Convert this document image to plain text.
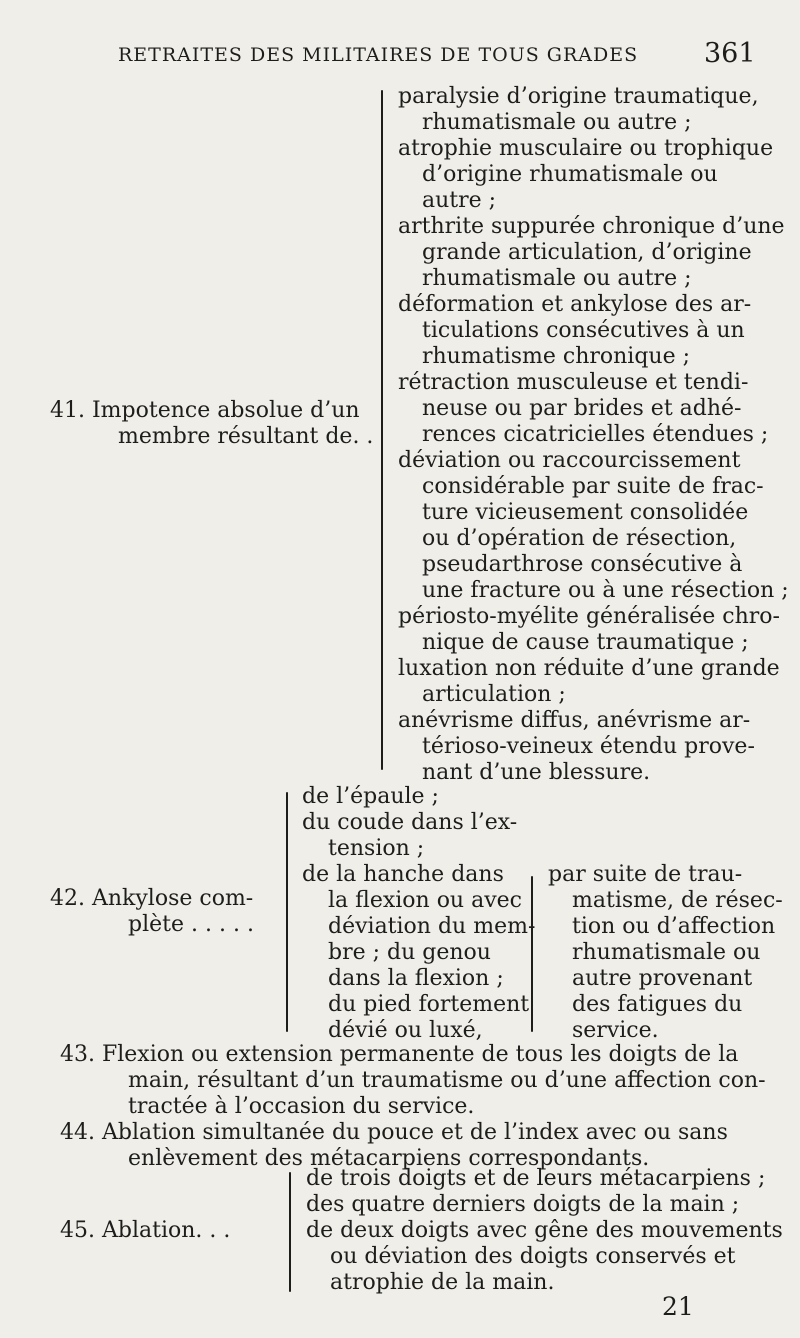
RETRAITES DES MILITAIRES DE TOUS GRADES 361
41. Impotence absolue d’un
membre résultant de. .
paralysie d’origine traumatique,
rhumatismale ou autre ;
atrophie musculaire ou trophique
d’origine rhumatismale ou
autre ;
arthrite suppurée chronique d’une
grande articulation, d’origine
rhumatismale ou autre ;
déformation et ankylose des ar-
ticulations consécutives à un
rhumatisme chronique ;
rétraction musculeuse et tendi-
neuse ou par brides et adhé-
rences cicatricielles étendues ;
déviation ou raccourcissement
considérable par suite de frac-
ture vicieusement consolidée
ou d’opération de résection,
pseudarthrose consécutive à
une fracture ou à une résection ;
périosto-myélite généralisée chro-
nique de cause traumatique ;
luxation non réduite d’une grande
articulation ;
anévrisme diffus, anévrisme ar-
térioso-veineux étendu prove-
nant d’une blessure.
42. Ankylose com-
plète . . . . .
de l’épaule ;
du coude dans l’ex-
tension ;
de la hanche dans
la flexion ou avec
déviation du mem-
bre ; du genou
dans la flexion ;
du pied fortement
dévié ou luxé,
par suite de trau-
matisme, de résec-
tion ou d’affection
rhumatismale ou
autre provenant
des fatigues du
service.
43. Flexion ou extension permanente de tous les doigts de la
main, résultant d’un traumatisme ou d’une affection con-
tractée à l’occasion du service.
44. Ablation simultanée du pouce et de l’index avec ou sans
enlèvement des métacarpiens correspondants.
45. Ablation. . .
de trois doigts et de leurs métacarpiens ;
des quatre derniers doigts de la main ;
de deux doigts avec gêne des mouvements
ou déviation des doigts conservés et
atrophie de la main.
21
